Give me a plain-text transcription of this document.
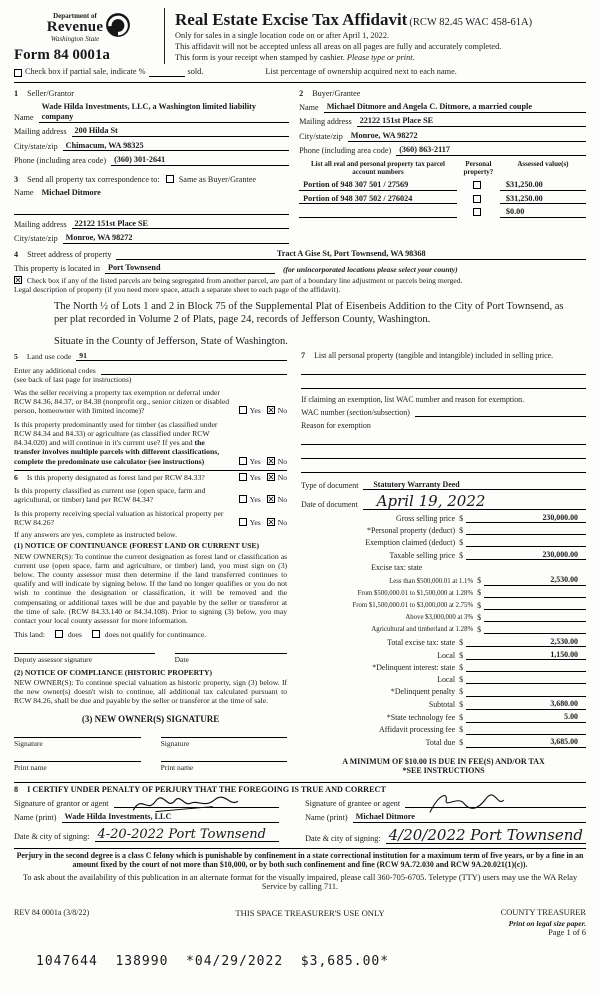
Department of
Revenue
Washington State
Form 84 0001a
Real Estate Excise Tax Affidavit (RCW 82.45 WAC 458-61A)
Only for sales in a single location code on or after April 1, 2022.
This affidavit will not be accepted unless all areas on all pages are fully and accurately completed.
This form is your receipt when stamped by cashier. Please type or print.
Check box if partial sale, indicate %	sold.	List percentage of ownership acquired next to each name.
1 Seller/Grantor
Name
Wade Hilda Investments, LLC, a Washington limited liability company
Mailing address 200 Hilda St
City/state/zip Chimacum, WA 98325
Phone (including area code) (360) 301-2641
3 Send all property tax correspondence to: Same as Buyer/Grantee
Name Michael Ditmore
Mailing address 22122 151st Place SE
City/state/zip Monroe, WA 98272
2 Buyer/Grantee
Name Michael Ditmore and Angela C. Ditmore, a married couple
Mailing address 22122 151st Place SE
City/state/zip Monroe, WA 98272
Phone (including area code) (360) 863-2117
List all real and personal property tax parcel account numbers
Personal property?
Assessed value(s)
Portion of 948 307 501 / 27569	$31,250.00
Portion of 948 307 502 / 276024	$31,250.00
$0.00
4	Street address of property	Tract A Gise St, Port Townsend, WA 98368
This property is located in Port Townsend	(for unincorporated locations please select your county)
Check box if any of the listed parcels are being segregated from another parcel, are part of a boundary line adjustment or parcels being merged.
Legal description of property (if you need more space, attach a separate sheet to each page of the affidavit).
The North ½ of Lots 1 and 2 in Block 75 of the Supplemental Plat of Eisenbeis Addition to the City of Port Townsend, as per plat recorded in Volume 2 of Plats, page 24, records of Jefferson County, Washington.
Situate in the County of Jefferson, State of Washington.
5	Land use code	91
Enter any additional codes
(see back of last page for instructions)
Was the seller receiving a property tax exemption or deferral under RCW 84.36, 84.37, or 84.38 (nonprofit org., senior citizen or disabled person, homeowner with limited income)?	Yes No
Is this property predominantly used for timber (as classified under RCW 84.34 and 84.33) or agriculture (as classified under RCW 84.34.020) and will continue in it's current use? If yes and the transfer involves multiple parcels with different classifications, complete the predominate use calculator (see instructions)	Yes No
6 Is this property designated as forest land per RCW 84.33?	Yes No
Is this property classified as current use (open space, farm and agricultural, or timber) land per RCW 84.34?	Yes No
Is this property receiving special valuation as historical property per RCW 84.26?	Yes No
If any answers are yes, complete as instructed below.
(1) NOTICE OF CONTINUANCE (FOREST LAND OR CURRENT USE)
NEW OWNER(S): To continue the current designation as forest land or classification as current use (open space, farm and agriculture, or timber) land, you must sign on (3) below. The county assessor must then determine if the land transferred continues to qualify and will indicate by signing below. If the land no longer qualifies or you do not wish to continue the designation or classification, it will be removed and the compensating or additional taxes will be due and payable by the seller or transferor at the time of sale. (RCW 84.33.140 or 84.34.108). Prior to signing (3) below, you may contact your local county assessor for more information.
This land:	does	does not qualify for continuance.
Deputy assessor signature	Date
(2) NOTICE OF COMPLIANCE (HISTORIC PROPERTY)
NEW OWNER(S): To continue special valuation as historic property, sign (3) below. If the new owner(s) doesn't wish to continue, all additional tax calculated pursuant to RCW 84.26, shall be due and payable by the seller or transferor at the time of sale.
(3) NEW OWNER(S) SIGNATURE
Signature	Signature
Print name	Print name
7	List all personal property (tangible and intangible) included in selling price.
If claiming an exemption, list WAC number and reason for exemption.
WAC number (section/subsection)
Reason for exemption
Type of document	Statutory Warranty Deed
Date of document	April 19, 2022
Gross selling price $	230,000.00
*Personal property (deduct) $
Exemption claimed (deduct) $
Taxable selling price $	230,000.00
Excise tax: state
Less than $500,000.01 at 1.1% $	2,530.00
From $500,000.01 to $1,500,000 at 1.28% $
From $1,500,000.01 to $3,000,000 at 2.75% $
Above $3,000,000 at 3% $
Agricultural and timberland at 1.28% $
Total excise tax: state $	2,530.00
Local $	1,150.00
*Delinquent interest: state $
Local $
*Delinquent penalty $
Subtotal $	3,680.00
*State technology fee $	5.00
Affidavit processing fee $
Total due $	3,685.00
A MINIMUM OF $10.00 IS DUE IN FEE(S) AND/OR TAX
*SEE INSTRUCTIONS
8 I CERTIFY UNDER PENALTY OF PERJURY THAT THE FOREGOING IS TRUE AND CORRECT
Signature of grantor or agent
Name (print) Wade Hilda Investments, LLC
Date & city of signing: 4-20-2022 Port Townsend
Signature of grantee or agent
Name (print) Michael Ditmore
Date & city of signing: 4/20/2022 Port Townsend
Perjury in the second degree is a class C felony which is punishable by confinement in a state correctional institution for a maximum term of five years, or by a fine in an amount fixed by the court of not more than $10,000, or by both such confinement and fine (RCW 9A.72.030 and RCW 9A.20.021(1)(c)).
To ask about the availability of this publication in an alternate format for the visually impaired, please call 360-705-6705. Teletype (TTY) users may use the WA Relay Service by calling 711.
REV 84 0001a (3/8/22)	THIS SPACE TREASURER'S USE ONLY	COUNTY TREASURER
Print on legal size paper.
Page 1 of 6
1047644  138990  *04/29/2022  $3,685.00*
